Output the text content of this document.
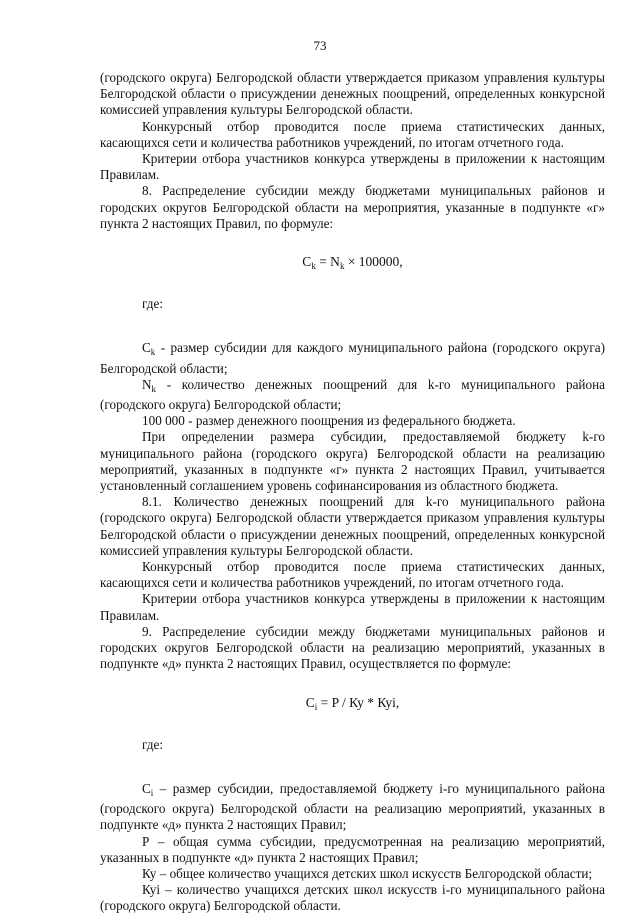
73

(городского округа) Белгородской области утверждается приказом управления культуры Белгородской области о присуждении денежных поощрений, определенных конкурсной комиссией управления культуры Белгородской области.

Конкурсный отбор проводится после приема статистических данных, касающихся сети и количества работников учреждений, по итогам отчетного года.

Критерии отбора участников конкурса утверждены в приложении к настоящим Правилам.

8. Распределение субсидии между бюджетами муниципальных районов и городских округов Белгородской области на мероприятия, указанные в подпункте «г» пункта 2 настоящих Правил, по формуле:

$C_k = N_k \times 100000$,

где:

$C_k$ - размер субсидии для каждого муниципального района (городского округа) Белгородской области;

$N_k$ - количество денежных поощрений для k-го муниципального района (городского округа) Белгородской области;

100 000 - размер денежного поощрения из федерального бюджета.

При определении размера субсидии, предоставляемой бюджету k-го муниципального района (городского округа) Белгородской области на реализацию мероприятий, указанных в подпункте «г» пункта 2 настоящих Правил, учитывается установленный соглашением уровень софинансирования из областного бюджета.

8.1. Количество денежных поощрений для k-го муниципального района (городского округа) Белгородской области утверждается приказом управления культуры Белгородской области о присуждении денежных поощрений, определенных конкурсной комиссией управления культуры Белгородской области.

Конкурсный отбор проводится после приема статистических данных, касающихся сети и количества работников учреждений, по итогам отчетного года.

Критерии отбора участников конкурса утверждены в приложении к настоящим Правилам.

9. Распределение субсидии между бюджетами муниципальных районов и городских округов Белгородской области на реализацию мероприятий, указанных в подпункте «д» пункта 2 настоящих Правил, осуществляется по формуле:

$C_i = P$ / Ку * Куi,

где:

$C_i$ – размер субсидии, предоставляемой бюджету i-го муниципального района (городского округа) Белгородской области на реализацию мероприятий, указанных в подпункте «д» пункта 2 настоящих Правил;

Р – общая сумма субсидии, предусмотренная на реализацию мероприятий, указанных в подпункте «д» пункта 2 настоящих Правил;

Ку – общее количество учащихся детских школ искусств Белгородской области;

Куi – количество учащихся детских школ искусств i-го муниципального района (городского округа) Белгородской области.
